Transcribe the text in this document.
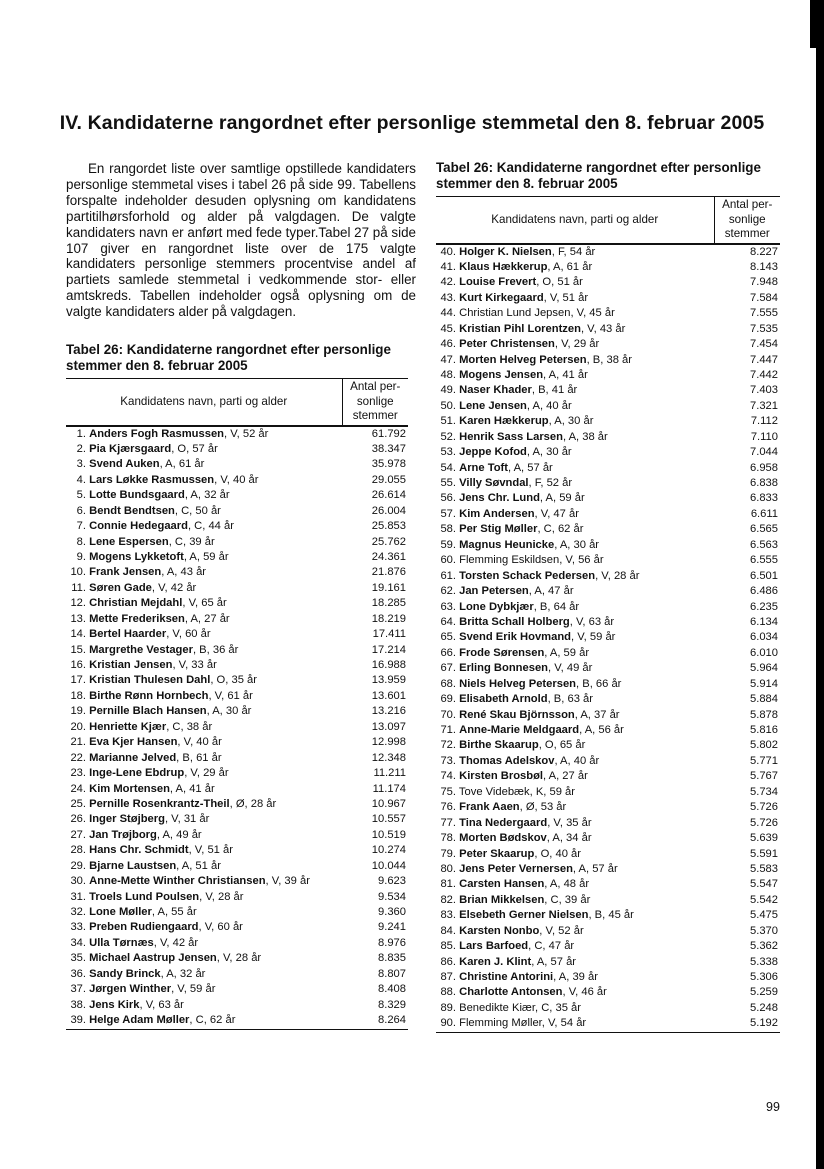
IV. Kandidaterne rangordnet efter personlige stemmetal den 8. februar 2005

En rangordet liste over samtlige opstillede kandidaters personlige stemmetal vises i tabel 26 på side 99. Tabellens forspalte indeholder desuden oplysning om kandidatens partitilhørsforhold og alder på valgdagen. De valgte kandidaters navn er anført med fede typer.Tabel 27 på side 107 giver en rangordnet liste over de 175 valgte kandidaters personlige stemmers procentvise andel af partiets samlede stemmetal i vedkommende stor- eller amtskreds. Tabellen indeholder også oplysning om de valgte kandidaters alder på valgdagen.

Tabel 26: Kandidaterne rangordnet efter personlige stemmer den 8. februar 2005

Tabel 26: Kandidaterne rangordnet efter personlige stemmer den 8. februar 2005

Kandidatens navn, parti og alder	Antal per-sonlige stemmer

1. Anders Fogh Rasmussen, V, 52 år	61.792
2. Pia Kjærsgaard, O, 57 år	38.347
3. Svend Auken, A, 61 år	35.978
4. Lars Løkke Rasmussen, V, 40 år	29.055
5. Lotte Bundsgaard, A, 32 år	26.614
6. Bendt Bendtsen, C, 50 år	26.004
7. Connie Hedegaard, C, 44 år	25.853
8. Lene Espersen, C, 39 år	25.762
9. Mogens Lykketoft, A, 59 år	24.361
10. Frank Jensen, A, 43 år	21.876
11. Søren Gade, V, 42 år	19.161
12. Christian Mejdahl, V, 65 år	18.285
13. Mette Frederiksen, A, 27 år	18.219
14. Bertel Haarder, V, 60 år	17.411
15. Margrethe Vestager, B, 36 år	17.214
16. Kristian Jensen, V, 33 år	16.988
17. Kristian Thulesen Dahl, O, 35 år	13.959
18. Birthe Rønn Hornbech, V, 61 år	13.601
19. Pernille Blach Hansen, A, 30 år	13.216
20. Henriette Kjær, C, 38 år	13.097
21. Eva Kjer Hansen, V, 40 år	12.998
22. Marianne Jelved, B, 61 år	12.348
23. Inge-Lene Ebdrup, V, 29 år	11.211
24. Kim Mortensen, A, 41 år	11.174
25. Pernille Rosenkrantz-Theil, Ø, 28 år	10.967
26. Inger Støjberg, V, 31 år	10.557
27. Jan Trøjborg, A, 49 år	10.519
28. Hans Chr. Schmidt, V, 51 år	10.274
29. Bjarne Laustsen, A, 51 år	10.044
30. Anne-Mette Winther Christiansen, V, 39 år	9.623
31. Troels Lund Poulsen, V, 28 år	9.534
32. Lone Møller, A, 55 år	9.360
33. Preben Rudiengaard, V, 60 år	9.241
34. Ulla Tørnæs, V, 42 år	8.976
35. Michael Aastrup Jensen, V, 28 år	8.835
36. Sandy Brinck, A, 32 år	8.807
37. Jørgen Winther, V, 59 år	8.408
38. Jens Kirk, V, 63 år	8.329
39. Helge Adam Møller, C, 62 år	8.264
Kandidatens navn, parti og alder	Antal per-sonlige stemmer

40. Holger K. Nielsen, F, 54 år	8.227
41. Klaus Hækkerup, A, 61 år	8.143
42. Louise Frevert, O, 51 år	7.948
43. Kurt Kirkegaard, V, 51 år	7.584
44. Christian Lund Jepsen, V, 45 år	7.555
45. Kristian Pihl Lorentzen, V, 43 år	7.535
46. Peter Christensen, V, 29 år	7.454
47. Morten Helveg Petersen, B, 38 år	7.447
48. Mogens Jensen, A, 41 år	7.442
49. Naser Khader, B, 41 år	7.403
50. Lene Jensen, A, 40 år	7.321
51. Karen Hækkerup, A, 30 år	7.112
52. Henrik Sass Larsen, A, 38 år	7.110
53. Jeppe Kofod, A, 30 år	7.044
54. Arne Toft, A, 57 år	6.958
55. Villy Søvndal, F, 52 år	6.838
56. Jens Chr. Lund, A, 59 år	6.833
57. Kim Andersen, V, 47 år	6.611
58. Per Stig Møller, C, 62 år	6.565
59. Magnus Heunicke, A, 30 år	6.563
60. Flemming Eskildsen, V, 56 år	6.555
61. Torsten Schack Pedersen, V, 28 år	6.501
62. Jan Petersen, A, 47 år	6.486
63. Lone Dybkjær, B, 64 år	6.235
64. Britta Schall Holberg, V, 63 år	6.134
65. Svend Erik Hovmand, V, 59 år	6.034
66. Frode Sørensen, A, 59 år	6.010
67. Erling Bonnesen, V, 49 år	5.964
68. Niels Helveg Petersen, B, 66 år	5.914
69. Elisabeth Arnold, B, 63 år	5.884
70. René Skau Björnsson, A, 37 år	5.878
71. Anne-Marie Meldgaard, A, 56 år	5.816
72. Birthe Skaarup, O, 65 år	5.802
73. Thomas Adelskov, A, 40 år	5.771
74. Kirsten Brosbøl, A, 27 år	5.767
75. Tove Videbæk, K, 59 år	5.734
76. Frank Aaen, Ø, 53 år	5.726
77. Tina Nedergaard, V, 35 år	5.726
78. Morten Bødskov, A, 34 år	5.639
79. Peter Skaarup, O, 40 år	5.591
80. Jens Peter Vernersen, A, 57 år	5.583
81. Carsten Hansen, A, 48 år	5.547
82. Brian Mikkelsen, C, 39 år	5.542
83. Elsebeth Gerner Nielsen, B, 45 år	5.475
84. Karsten Nonbo, V, 52 år	5.370
85. Lars Barfoed, C, 47 år	5.362
86. Karen J. Klint, A, 57 år	5.338
87. Christine Antorini, A, 39 år	5.306
88. Charlotte Antonsen, V, 46 år	5.259
89. Benedikte Kiær, C, 35 år	5.248
90. Flemming Møller, V, 54 år	5.192
99
